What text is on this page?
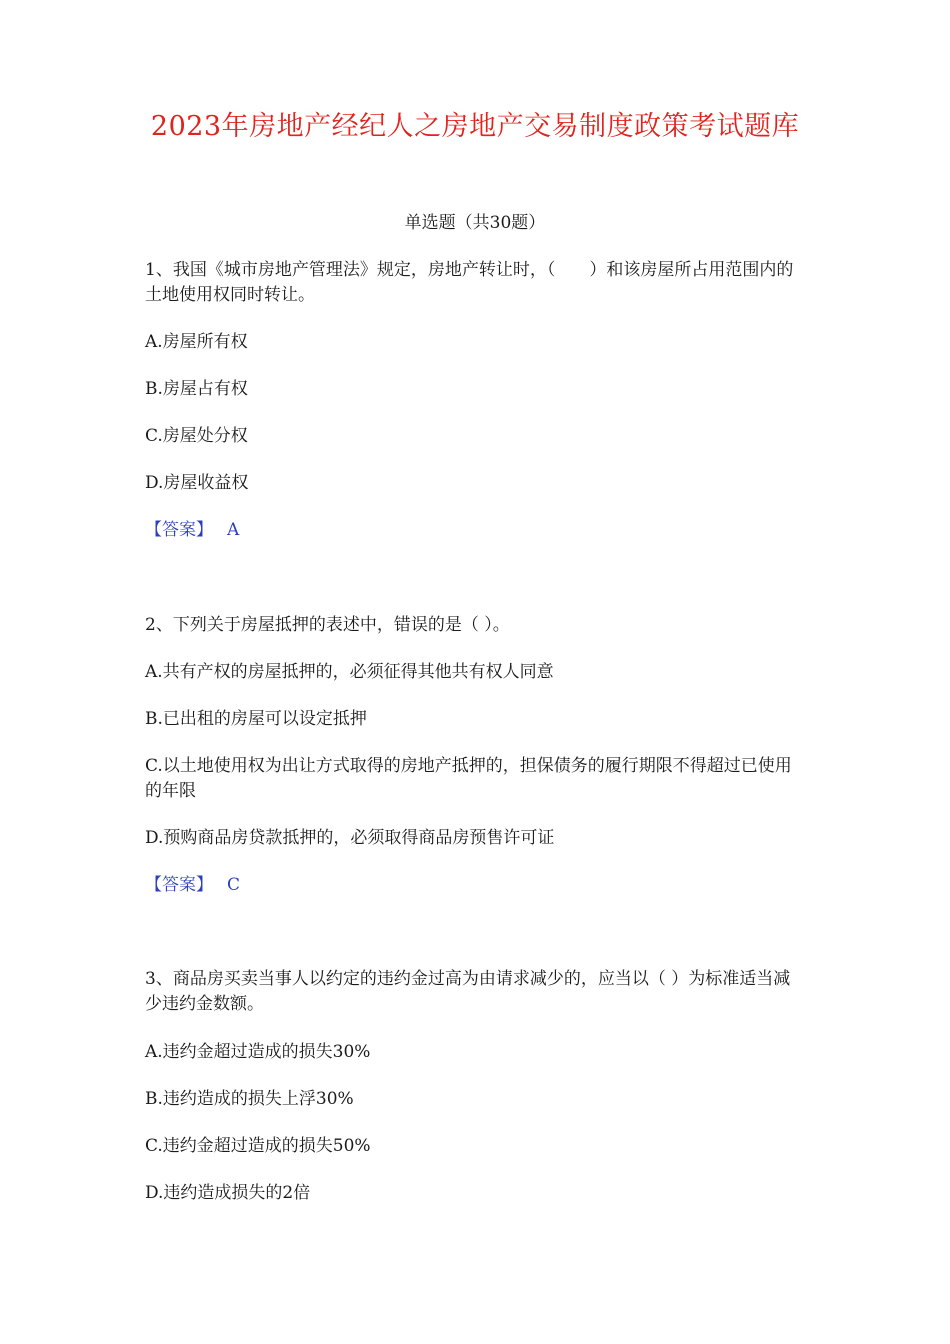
2023年房地产经纪人之房地产交易制度政策考试题库
单选题（共30题）
1、我国《城市房地产管理法》规定，房地产转让时，（　　）和该房屋所占用范围内的土地使用权同时转让。
A.房屋所有权
B.房屋占有权
C.房屋处分权
D.房屋收益权
【答案】 A
2、下列关于房屋抵押的表述中，错误的是（ ）。
A.共有产权的房屋抵押的，必须征得其他共有权人同意
B.已出租的房屋可以设定抵押
C.以土地使用权为出让方式取得的房地产抵押的，担保债务的履行期限不得超过已使用的年限
D.预购商品房贷款抵押的，必须取得商品房预售许可证
【答案】 C
3、商品房买卖当事人以约定的违约金过高为由请求减少的，应当以（ ）为标准适当减少违约金数额。
A.违约金超过造成的损失30%
B.违约造成的损失上浮30%
C.违约金超过造成的损失50%
D.违约造成损失的2倍
